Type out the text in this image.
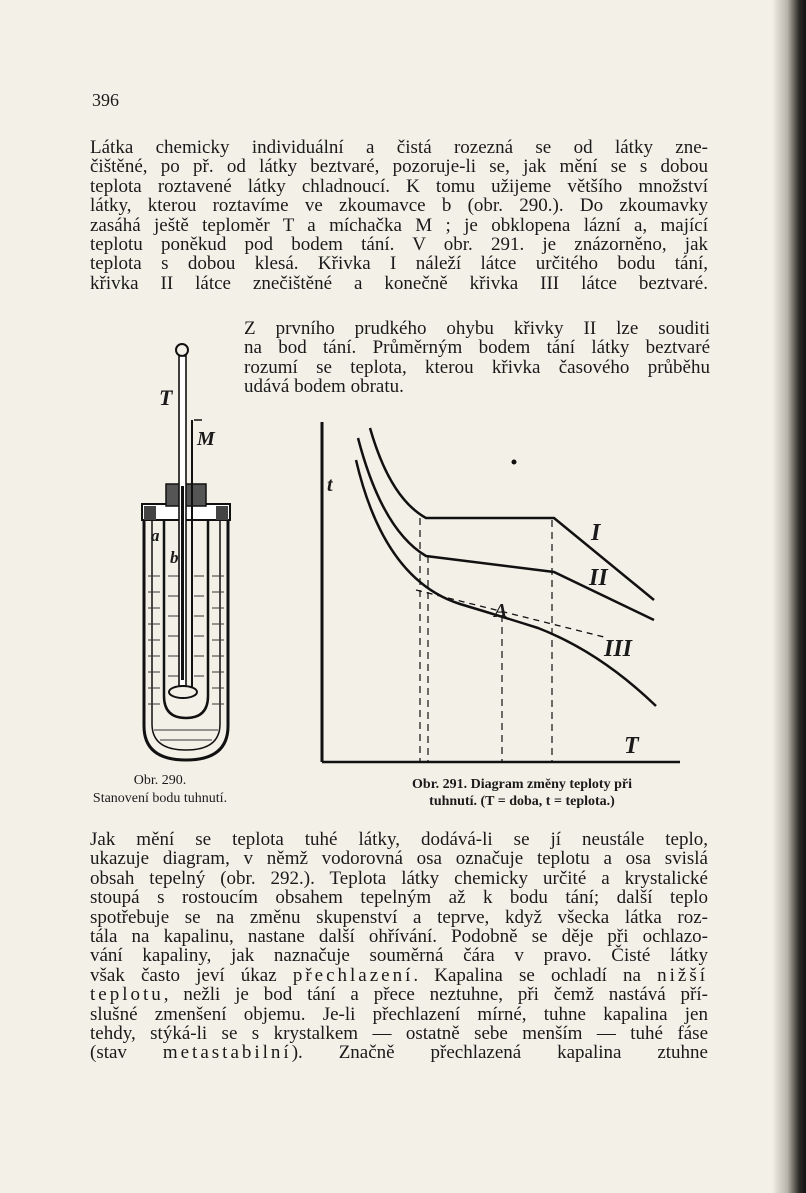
396
Látka chemicky individuální a čistá rozezná se od látky zne-
čištěné, po př. od látky beztvaré, pozoruje-li se, jak mění se s dobou
teplota roztavené látky chladnoucí. K tomu užijeme většího množství
látky, kterou roztavíme ve zkoumavce b (obr. 290.). Do zkoumavky
zasáhá ještě teploměr T a míchačka M ; je obklopena lázní a, mající
teplotu poněkud pod bodem tání. V obr. 291. je znázorněno, jak
teplota s dobou klesá. Křivka I náleží látce určitého bodu tání,
křivka II látce znečištěné a konečně křivka III látce beztvaré.
Z prvního prudkého ohybu křivky II lze souditi
na bod tání. Průměrným bodem tání látky beztvaré
rozumí se teplota, kterou křivka časového průběhu
udává bodem obratu.
T
M
a
b
Obr. 290.
Stanovení bodu tuhnutí.
t
I
II
III
A
T
Obr. 291. Diagram změny teploty při
tuhnutí. (T = doba, t = teplota.)
Jak mění se teplota tuhé látky, dodává-li se jí neustále teplo,
ukazuje diagram, v němž vodorovná osa označuje teplotu a osa svislá
obsah tepelný (obr. 292.). Teplota látky chemicky určité a krystalické
stoupá s rostoucím obsahem tepelným až k bodu tání; další teplo
spotřebuje se na změnu skupenství a teprve, když všecka látka roz-
tála na kapalinu, nastane další ohřívání. Podobně se děje při ochlazo-
vání kapaliny, jak naznačuje souměrná čára v pravo. Čisté látky
však často jeví úkaz přechlazení. Kapalina se ochladí na nižší
teplotu, nežli je bod tání a přece neztuhne, při čemž nastává pří-
slušné zmenšení objemu. Je-li přechlazení mírné, tuhne kapalina jen
tehdy, stýká-li se s krystalkem — ostatně sebe menším — tuhé fáse
(stav metastabilní). Značně přechlazená kapalina ztuhne
